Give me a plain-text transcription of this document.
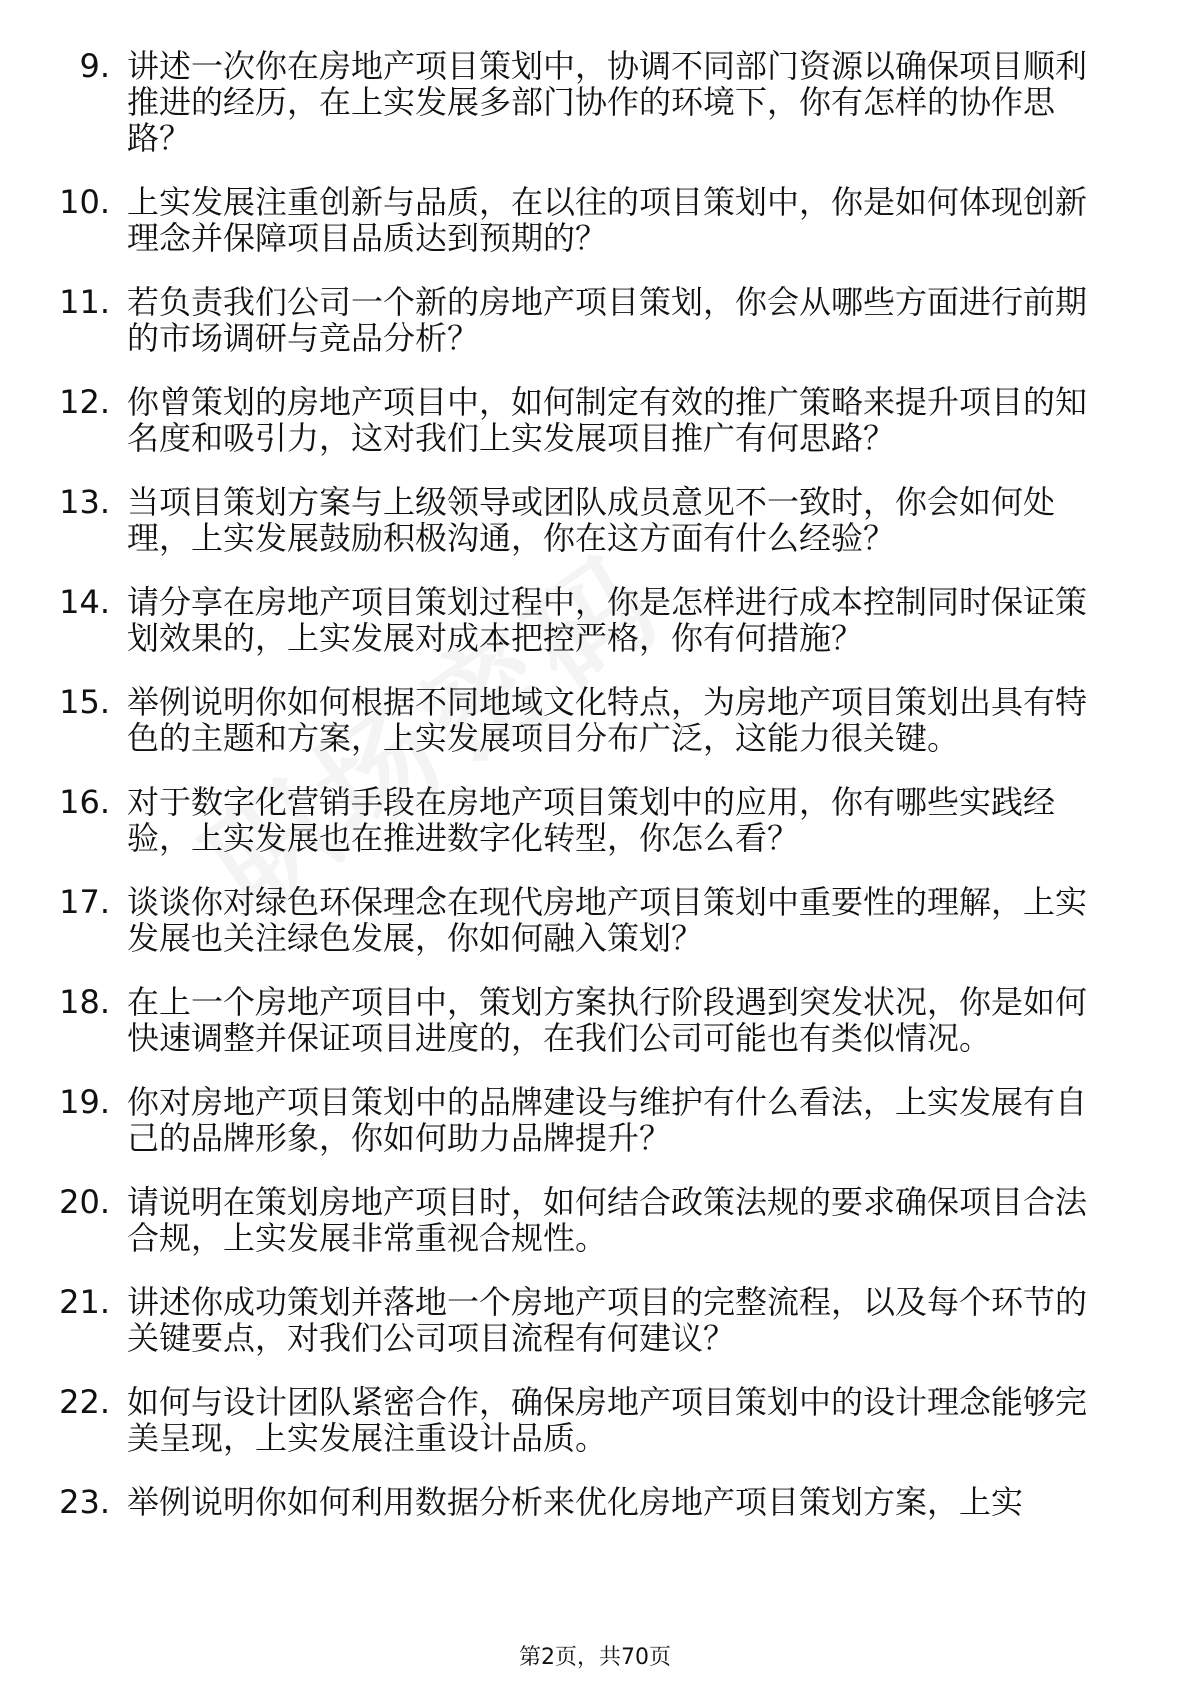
9. 讲述一次你在房地产项目策划中，协调不同部门资源以确保项目顺利推进的经历，在上实发展多部门协作的环境下，你有怎样的协作思路？
10. 上实发展注重创新与品质，在以往的项目策划中，你是如何体现创新理念并保障项目品质达到预期的？
11. 若负责我们公司一个新的房地产项目策划，你会从哪些方面进行前期的市场调研与竞品分析？
12. 你曾策划的房地产项目中，如何制定有效的推广策略来提升项目的知名度和吸引力，这对我们上实发展项目推广有何思路？
13. 当项目策划方案与上级领导或团队成员意见不一致时，你会如何处理，上实发展鼓励积极沟通，你在这方面有什么经验？
14. 请分享在房地产项目策划过程中，你是怎样进行成本控制同时保证策划效果的，上实发展对成本把控严格，你有何措施？
15. 举例说明你如何根据不同地域文化特点，为房地产项目策划出具有特色的主题和方案，上实发展项目分布广泛，这能力很关键。
16. 对于数字化营销手段在房地产项目策划中的应用，你有哪些实践经验，上实发展也在推进数字化转型，你怎么看？
17. 谈谈你对绿色环保理念在现代房地产项目策划中重要性的理解，上实发展也关注绿色发展，你如何融入策划？
18. 在上一个房地产项目中，策划方案执行阶段遇到突发状况，你是如何快速调整并保证项目进度的，在我们公司可能也有类似情况。
19. 你对房地产项目策划中的品牌建设与维护有什么看法，上实发展有自己的品牌形象，你如何助力品牌提升？
20. 请说明在策划房地产项目时，如何结合政策法规的要求确保项目合法合规，上实发展非常重视合规性。
21. 讲述你成功策划并落地一个房地产项目的完整流程，以及每个环节的关键要点，对我们公司项目流程有何建议？
22. 如何与设计团队紧密合作，确保房地产项目策划中的设计理念能够完美呈现，上实发展注重设计品质。
23. 举例说明你如何利用数据分析来优化房地产项目策划方案，上实
第2页，共70页
